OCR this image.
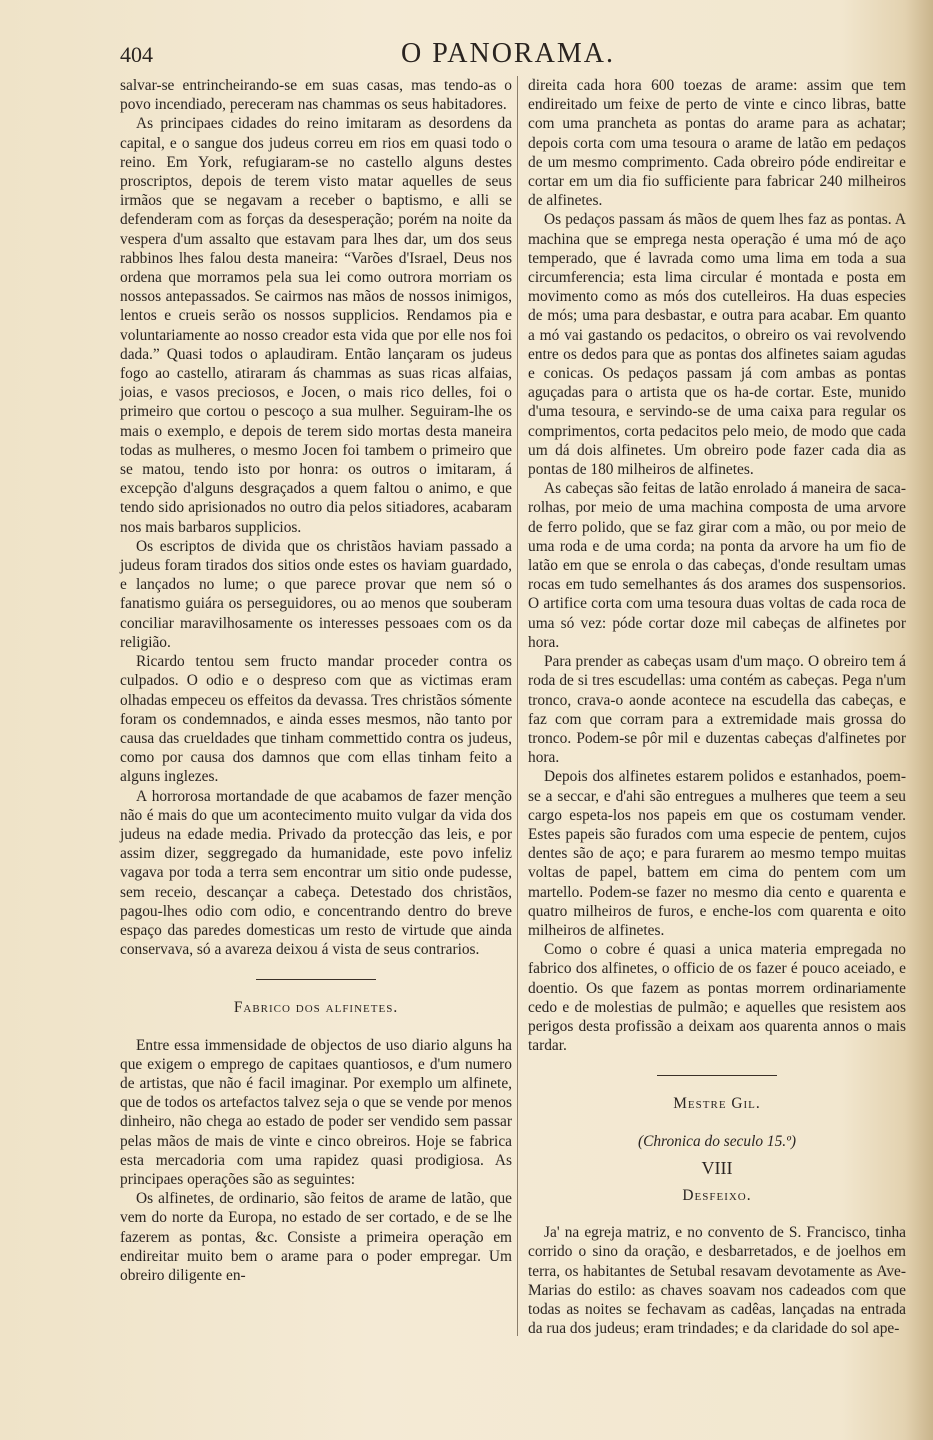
404	O PANORAMA.

salvar-se entrincheirando-se em suas casas, mas tendo-as o povo incendiado, pereceram nas chammas os seus habitadores.

As principaes cidades do reino imitaram as desordens da capital, e o sangue dos judeus correu em rios em quasi todo o reino. Em York, refugiaram-se no castello alguns destes proscriptos, depois de terem visto matar aquelles de seus irmãos que se negavam a receber o baptismo, e alli se defenderam com as forças da desesperação; porém na noite da vespera d'um assalto que estavam para lhes dar, um dos seus rabbinos lhes falou desta maneira: “Varões d'Israel, Deus nos ordena que morramos pela sua lei como outrora morriam os nossos antepassados. Se cairmos nas mãos de nossos inimigos, lentos e crueis serão os nossos supplicios. Rendamos pia e voluntariamente ao nosso creador esta vida que por elle nos foi dada.” Quasi todos o aplaudiram. Então lançaram os judeus fogo ao castello, atiraram ás chammas as suas ricas alfaias, joias, e vasos preciosos, e Jocen, o mais rico delles, foi o primeiro que cortou o pescoço a sua mulher. Seguiram-lhe os mais o exemplo, e depois de terem sido mortas desta maneira todas as mulheres, o mesmo Jocen foi tambem o primeiro que se matou, tendo isto por honra: os outros o imitaram, á excepção d'alguns desgraçados a quem faltou o animo, e que tendo sido aprisionados no outro dia pelos sitiadores, acabaram nos mais barbaros supplicios.

Os escriptos de divida que os christãos haviam passado a judeus foram tirados dos sitios onde estes os haviam guardado, e lançados no lume; o que parece provar que nem só o fanatismo guiára os perseguidores, ou ao menos que souberam conciliar maravilhosamente os interesses pessoaes com os da religião.

Ricardo tentou sem fructo mandar proceder contra os culpados. O odio e o despreso com que as victimas eram olhadas empeceu os effeitos da devassa. Tres christãos sómente foram os condemnados, e ainda esses mesmos, não tanto por causa das crueldades que tinham commettido contra os judeus, como por causa dos damnos que com ellas tinham feito a alguns inglezes.

A horrorosa mortandade de que acabamos de fazer menção não é mais do que um acontecimento muito vulgar da vida dos judeus na edade media. Privado da protecção das leis, e por assim dizer, seggregado da humanidade, este povo infeliz vagava por toda a terra sem encontrar um sitio onde pudesse, sem receio, descançar a cabeça. Detestado dos christãos, pagou-lhes odio com odio, e concentrando dentro do breve espaço das paredes domesticas um resto de virtude que ainda conservava, só a avareza deixou á vista de seus contrarios.

Fabrico dos alfinetes.

Entre essa immensidade de objectos de uso diario alguns ha que exigem o emprego de capitaes quantiosos, e d'um numero de artistas, que não é facil imaginar. Por exemplo um alfinete, que de todos os artefactos talvez seja o que se vende por menos dinheiro, não chega ao estado de poder ser vendido sem passar pelas mãos de mais de vinte e cinco obreiros. Hoje se fabrica esta mercadoria com uma rapidez quasi prodigiosa. As principaes operações são as seguintes:

Os alfinetes, de ordinario, são feitos de arame de latão, que vem do norte da Europa, no estado de ser cortado, e de se lhe fazerem as pontas, &c. Consiste a primeira operação em endireitar muito bem o arame para o poder empregar. Um obreiro diligente en-

direita cada hora 600 toezas de arame: assim que tem endireitado um feixe de perto de vinte e cinco libras, batte com uma prancheta as pontas do arame para as achatar; depois corta com uma tesoura o arame de latão em pedaços de um mesmo comprimento. Cada obreiro póde endireitar e cortar em um dia fio sufficiente para fabricar 240 milheiros de alfinetes.

Os pedaços passam ás mãos de quem lhes faz as pontas. A machina que se emprega nesta operação é uma mó de aço temperado, que é lavrada como uma lima em toda a sua circumferencia; esta lima circular é montada e posta em movimento como as mós dos cutelleiros. Ha duas especies de mós; uma para desbastar, e outra para acabar. Em quanto a mó vai gastando os pedacitos, o obreiro os vai revolvendo entre os dedos para que as pontas dos alfinetes saiam agudas e conicas. Os pedaços passam já com ambas as pontas aguçadas para o artista que os ha-de cortar. Este, munido d'uma tesoura, e servindo-se de uma caixa para regular os comprimentos, corta pedacitos pelo meio, de modo que cada um dá dois alfinetes. Um obreiro pode fazer cada dia as pontas de 180 milheiros de alfinetes.

As cabeças são feitas de latão enrolado á maneira de saca-rolhas, por meio de uma machina composta de uma arvore de ferro polido, que se faz girar com a mão, ou por meio de uma roda e de uma corda; na ponta da arvore ha um fio de latão em que se enrola o das cabeças, d'onde resultam umas rocas em tudo semelhantes ás dos arames dos suspensorios. O artifice corta com uma tesoura duas voltas de cada roca de uma só vez: póde cortar doze mil cabeças de alfinetes por hora.

Para prender as cabeças usam d'um maço. O obreiro tem á roda de si tres escudellas: uma contém as cabeças. Pega n'um tronco, crava-o aonde acontece na escudella das cabeças, e faz com que corram para a extremidade mais grossa do tronco. Podem-se pôr mil e duzentas cabeças d'alfinetes por hora.

Depois dos alfinetes estarem polidos e estanhados, poem-se a seccar, e d'ahi são entregues a mulheres que teem a seu cargo espeta-los nos papeis em que os costumam vender. Estes papeis são furados com uma especie de pentem, cujos dentes são de aço; e para furarem ao mesmo tempo muitas voltas de papel, battem em cima do pentem com um martello. Podem-se fazer no mesmo dia cento e quarenta e quatro milheiros de furos, e enche-los com quarenta e oito milheiros de alfinetes.

Como o cobre é quasi a unica materia empregada no fabrico dos alfinetes, o officio de os fazer é pouco aceiado, e doentio. Os que fazem as pontas morrem ordinariamente cedo e de molestias de pulmão; e aquelles que resistem aos perigos desta profissão a deixam aos quarenta annos o mais tardar.

Mestre Gil.

(Chronica do seculo 15.º)

VIII

Desfeixo.

Ja' na egreja matriz, e no convento de S. Francisco, tinha corrido o sino da oração, e desbarretados, e de joelhos em terra, os habitantes de Setubal resavam devotamente as Ave-Marias do estilo: as chaves soavam nos cadeados com que todas as noites se fechavam as cadêas, lançadas na entrada da rua dos judeus; eram trindades; e da claridade do sol ape-
